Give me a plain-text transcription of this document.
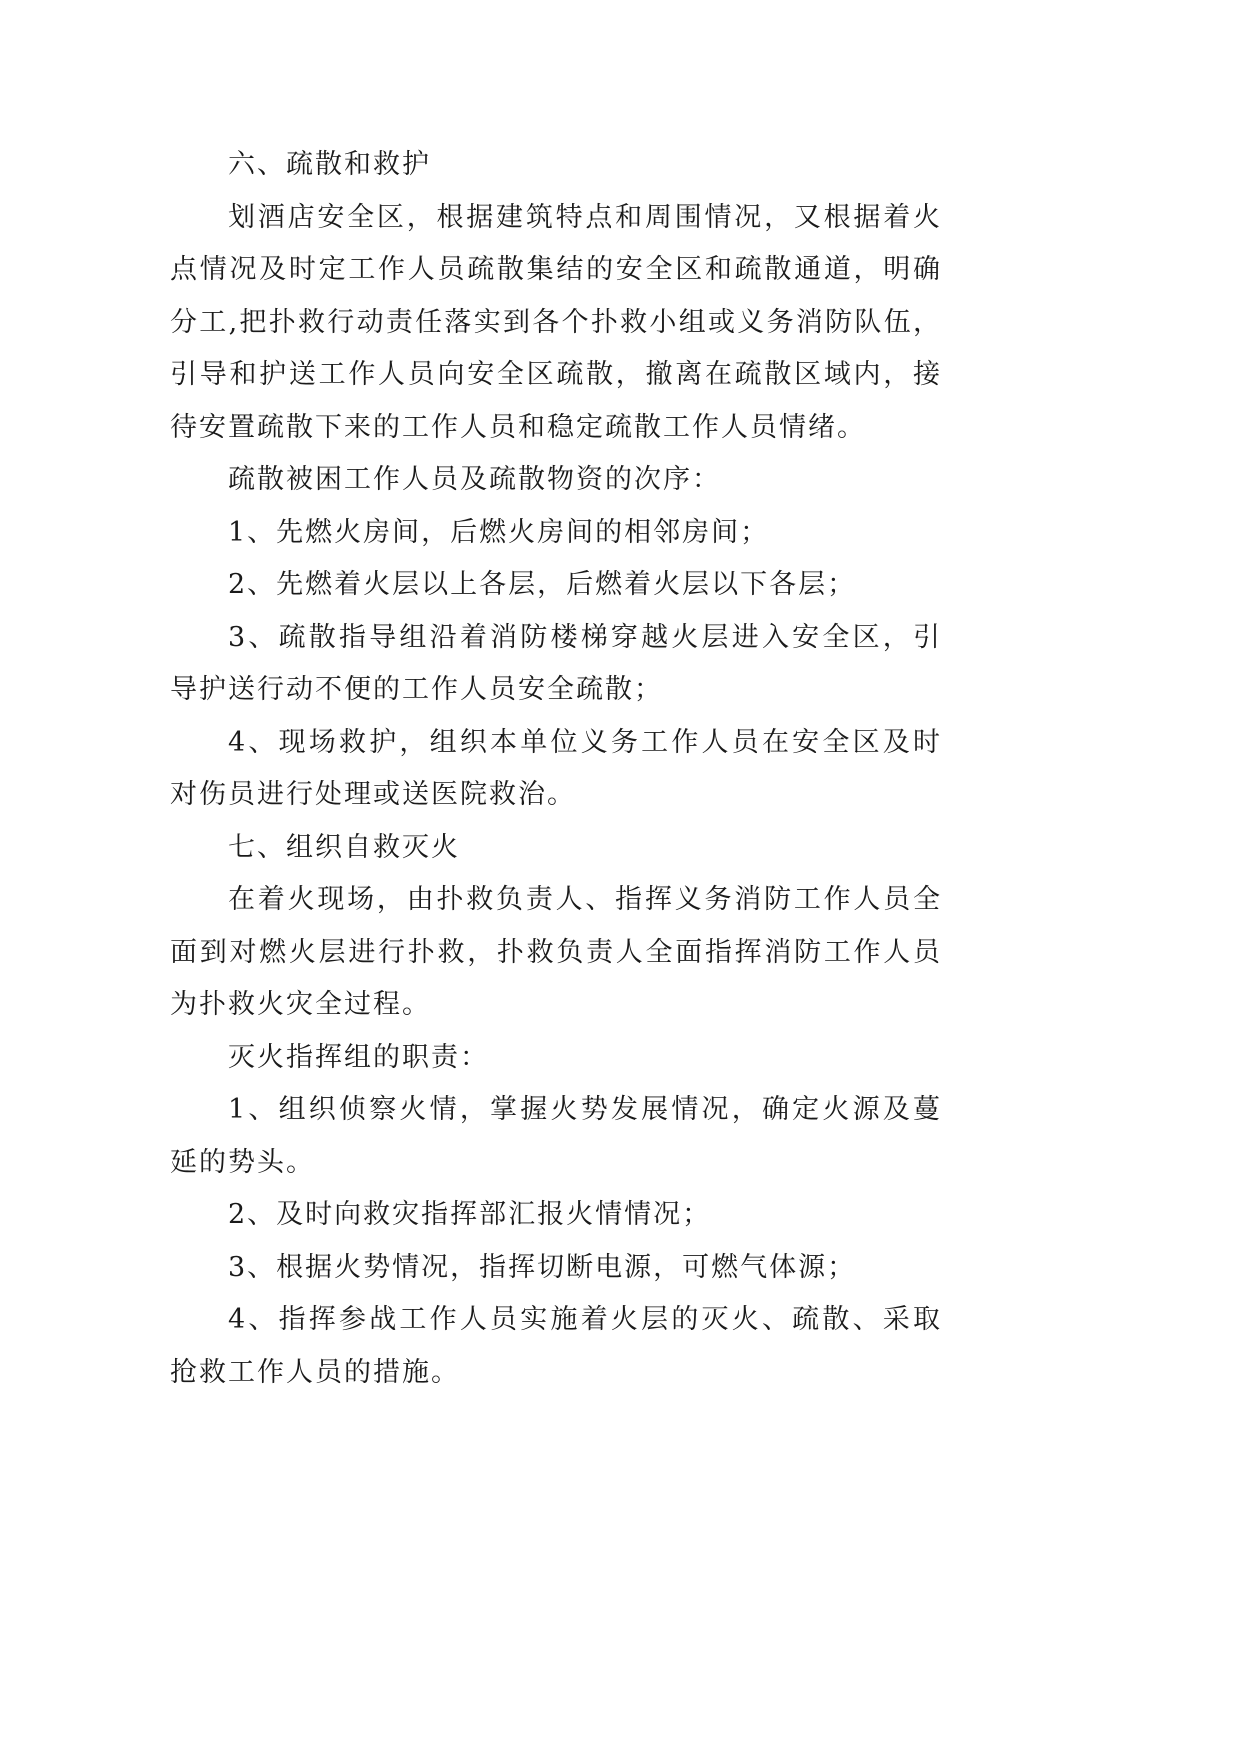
六、疏散和救护
划酒店安全区，根据建筑特点和周围情况，又根据着火
点情况及时定工作人员疏散集结的安全区和疏散通道，明确
分工,把扑救行动责任落实到各个扑救小组或义务消防队伍，
引导和护送工作人员向安全区疏散，撤离在疏散区域内，接
待安置疏散下来的工作人员和稳定疏散工作人员情绪。
疏散被困工作人员及疏散物资的次序：
1、先燃火房间，后燃火房间的相邻房间；
2、先燃着火层以上各层，后燃着火层以下各层；
3、疏散指导组沿着消防楼梯穿越火层进入安全区，引
导护送行动不便的工作人员安全疏散；
4、现场救护，组织本单位义务工作人员在安全区及时
对伤员进行处理或送医院救治。
七、组织自救灭火
在着火现场，由扑救负责人、指挥义务消防工作人员全
面到对燃火层进行扑救，扑救负责人全面指挥消防工作人员
为扑救火灾全过程。
灭火指挥组的职责：
1、组织侦察火情，掌握火势发展情况，确定火源及蔓
延的势头。
2、及时向救灾指挥部汇报火情情况；
3、根据火势情况，指挥切断电源，可燃气体源；
4、指挥参战工作人员实施着火层的灭火、疏散、采取
抢救工作人员的措施。
